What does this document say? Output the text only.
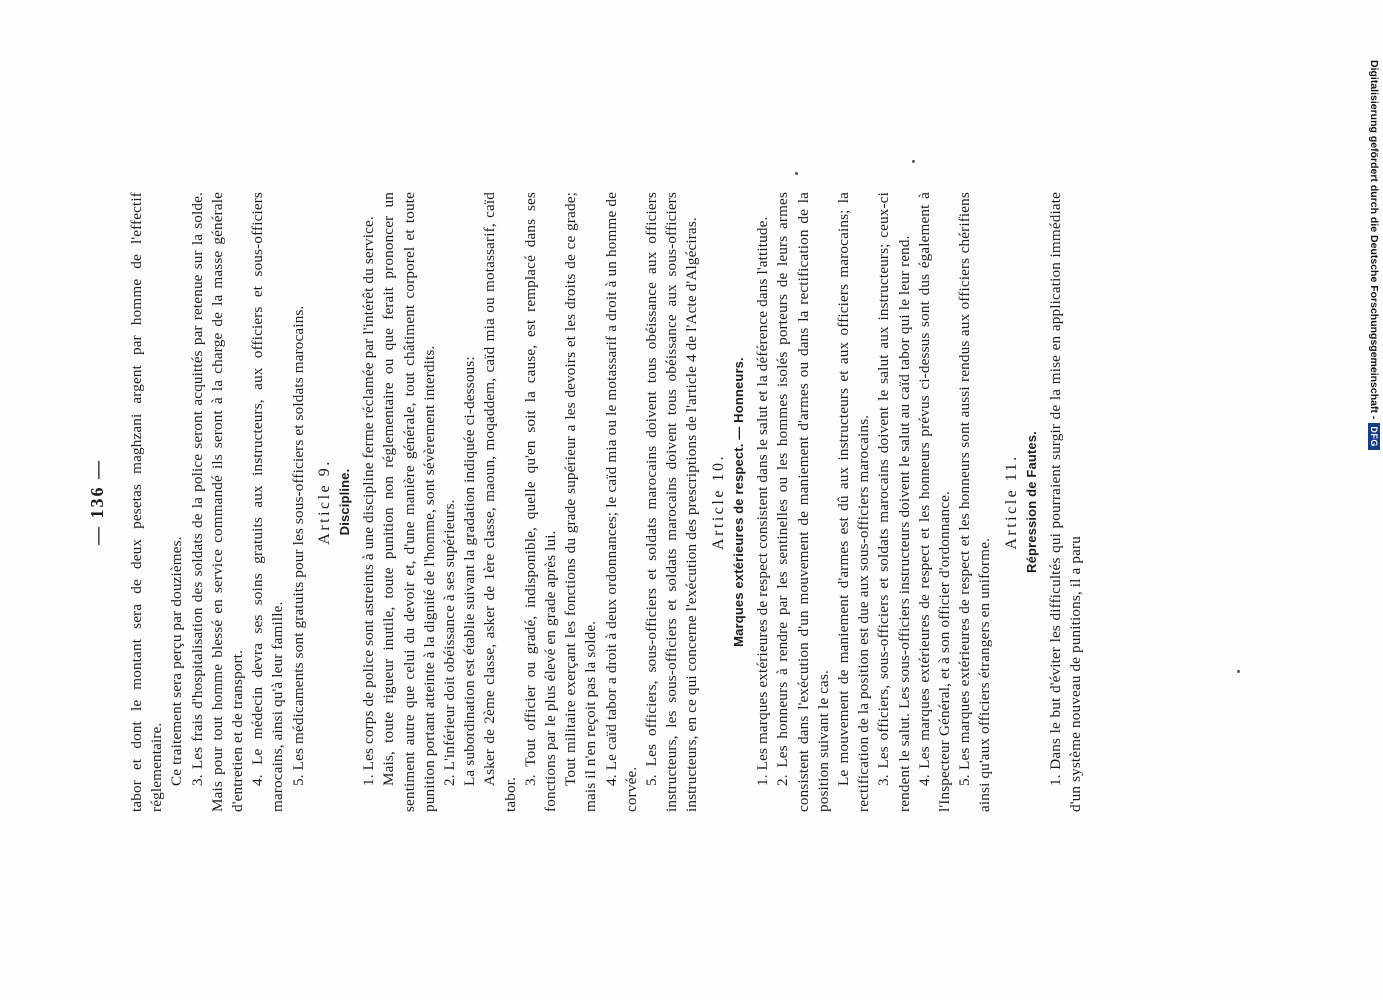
— 136 — tabor et dont le montant sera de deux pesetas maghzani argent par homme de l'effectif réglementaire. Ce traitement sera perçu par douzièmes. 3. Les frais d'hospitalisation des soldats de la police seront acquittés par retenue sur la solde. Mais pour tout homme blessé en service commandé ils seront à la charge de la masse générale d'entretien et de transport. 4. Le médecin devra ses soins gratuits aux instructeurs, aux officiers et sous-officiers marocains, ainsi qu'à leur famille. 5. Les médicaments sont gratuits pour les sous-officiers et soldats marocains. Article 9. Discipline. 1. Les corps de police sont astreints à une discipline ferme réclamée par l'intérêt du service. Mais, toute rigueur inutile, toute punition non réglementaire ou que ferait prononcer un sentiment autre que celui du devoir et, d'une manière générale, tout châtiment corporel et toute punition portant atteinte à la dignité de l'homme, sont sévèrement interdits. 2. L'inférieur doit obéissance à ses supérieurs. La subordination est établie suivant la gradation indiquée ci-dessous: Asker de 2ème classe, asker de 1ère classe, maoun, moqaddem, caïd mia ou motassarif, caïd tabor.

3. Tout officier ou gradé, indisponible, quelle qu'en soit la cause, est remplacé dans ses fonctions par le plus élevé en grade après lui. Tout militaire exerçant les fonctions du grade supérieur a les devoirs et les droits de ce grade; mais il n'en reçoit pas la solde. 4. Le caïd tabor a droit à deux ordonnances; le caïd mia ou le motassarif a droit à un homme de corvée.

5. Les officiers, sous-officiers et soldats marocains doivent tous obéissance aux officiers instructeurs, les sous-officiers et soldats marocains doivent tous obéissance aux sous-officiers instructeurs, en ce qui concerne l'exécution des prescriptions de l'article 4 de l'Acte d'Algéciras. Article 10. Marques extérieures de respect. — Honneurs. 1. Les marques extérieures de respect consistent dans le salut et la déférence dans l'attitude. 2. Les honneurs à rendre par les sentinelles ou les hommes isolés porteurs de leurs armes consistent dans l'exécution d'un mouvement de maniement d'armes ou dans la rectification de la position suivant le cas. Le mouvement de maniement d'armes est dû aux instructeurs et aux officiers marocains; la rectification de la position est due aux sous-officiers marocains. 3. Les officiers, sous-officiers et soldats marocains doivent le salut aux instructeurs; ceux-ci rendent le salut. Les sous-officiers instructeurs doivent le salut au caïd tabor qui le leur rend. 4. Les marques extérieures de respect et les honneurs prévus ci-dessus sont dus également à l'Inspecteur Général, et à son officier d'ordonnance. 5. Les marques extérieures de respect et les honneurs sont aussi rendus aux officiers chérifiens ainsi qu'aux officiers étrangers en uniforme.

Article 11. Répression de Fautes. 1. Dans le but d'éviter les difficultés qui pourraient surgir de la mise en application immédiate d'un système nouveau de punitions, il a paru

Digitalisierung gefördert durch die Deutsche Forschungsgemeinschaft -
DFG
